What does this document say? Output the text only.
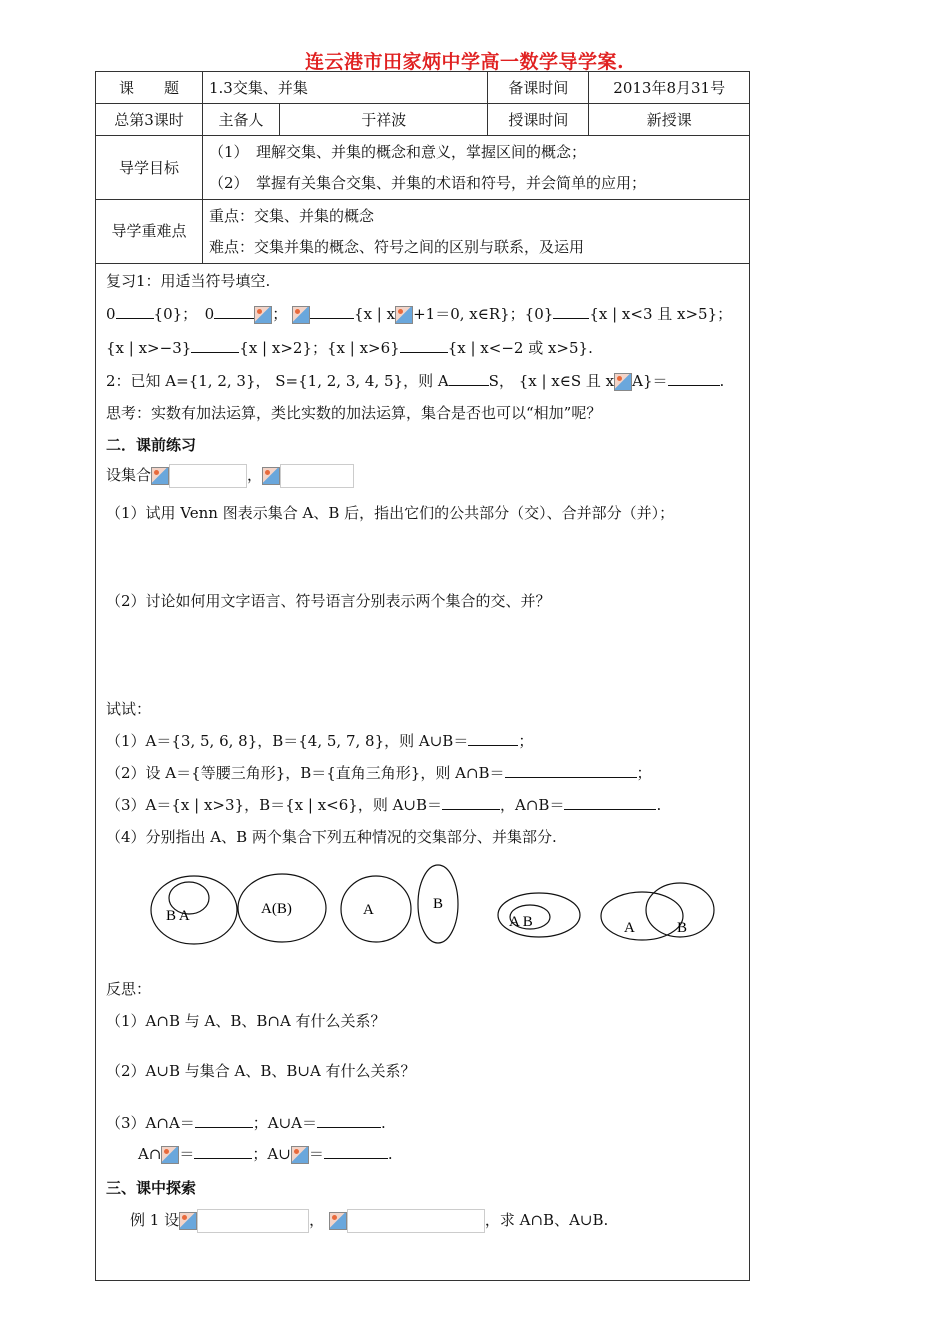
连云港市田家炳中学高一数学导学案.
课　　题	1.3交集、并集		备课时间	2013年8月31号
总第3课时	主备人	于祥波	授课时间	新授课
导学目标	（1）　理解交集、并集的概念和意义，掌握区间的概念；
（2）　掌握有关集合交集、并集的术语和符号，并会简单的应用；			

导学重难点	重点：交集、并集的概念
难点：交集并集的概念、符号之间的区别与联系，及运用			
复习1：用适当符号填空.
0	{0}；　0	；	{x | x +1＝0, x∈R}；{0} {x | x<3 且 x>5}；
{x | x>−3}	{x | x>2}；{x | x>6}	{x | x<−2 或 x>5}.
2：已知 A={1, 2, 3}， S={1, 2, 3, 4, 5}，则 A	S， {x | x∈S 且 x A}＝	.
思考：实数有加法运算，类比实数的加法运算，集合是否也可以“相加”呢？
二．课前练习
设集合	，
（1）试用 Venn 图表示集合 A、B 后，指出它们的公共部分（交）、合并部分（并）；
（2）讨论如何用文字语言、符号语言分别表示两个集合的交、并？
试试：
（1）A＝{3, 5, 6, 8}，B＝{4, 5, 7, 8}，则 A∪B＝	；
（2）设 A＝{等腰三角形}，B＝{直角三角形}，则 A∩B＝	；
（3）A＝{x | x>3}，B＝{x | x<6}，则 A∪B＝	，A∩B＝	.
（4）分别指出 A、B 两个集合下列五种情况的交集部分、并集部分.
B A	A(B)	A	B
A B	A	B
反思：
（1）A∩B 与 A、B、B∩A 有什么关系？
（2）A∪B 与集合 A、B、B∪A 有什么关系？
（3）A∩A＝	；A∪A＝	.
A∩ ＝	；A∪ ＝	.
三、课中探索
例 1 设	，	，求 A∩B、A∪B.
